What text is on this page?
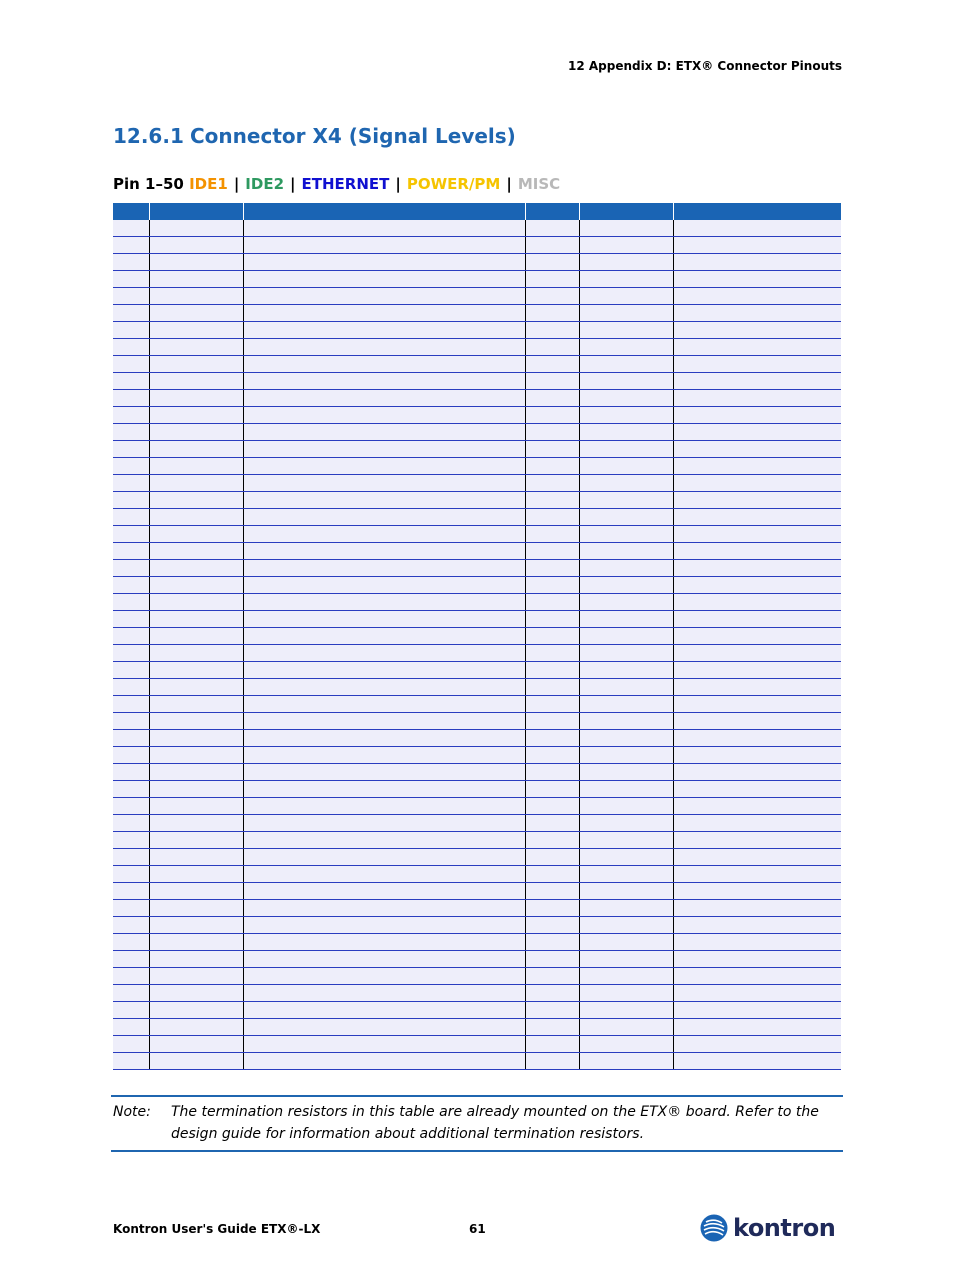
12 Appendix D: ETX® Connector Pinouts
12.6.1 Connector X4 (Signal Levels)
Pin 1–50 IDE1 | IDE2 | ETHERNET | POWER/PM | MISC

Note:	The termination resistors in this table are already mounted on the ETX® board. Refer to the design guide for information about additional termination resistors.
Kontron User's Guide ETX®-LX	61	kontron
